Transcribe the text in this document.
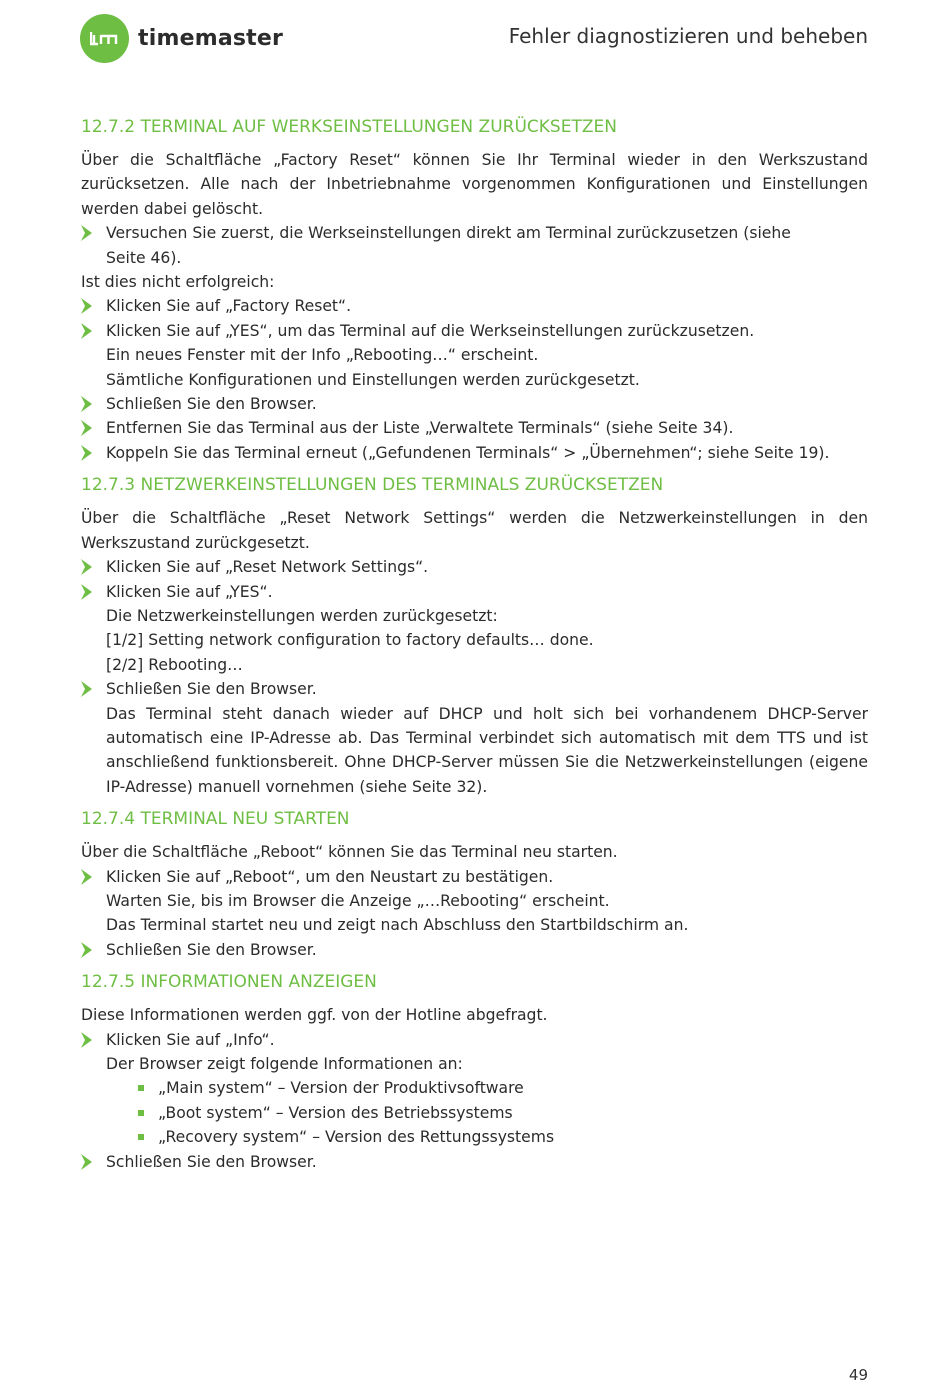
timemaster	Fehler diagnostizieren und beheben
12.7.2 TERMINAL AUF WERKSEINSTELLUNGEN ZURÜCKSETZEN

Über die Schaltfläche „Factory Reset“ können Sie Ihr Terminal wieder in den Werkszustand zurücksetzen. Alle nach der Inbetriebnahme vorgenommen Konfigurationen und Einstellungen werden dabei gelöscht.

Versuchen Sie zuerst, die Werkseinstellungen direkt am Terminal zurückzusetzen (siehe
Seite 46).

Ist dies nicht erfolgreich:

Klicken Sie auf „Factory Reset“.
Klicken Sie auf „YES“, um das Terminal auf die Werkseinstellungen zurückzusetzen.
Ein neues Fenster mit der Info „Rebooting…“ erscheint.
Sämtliche Konfigurationen und Einstellungen werden zurückgesetzt.
Schließen Sie den Browser.
Entfernen Sie das Terminal aus der Liste „Verwaltete Terminals“ (siehe Seite 34).
Koppeln Sie das Terminal erneut („Gefundenen Terminals“ > „Übernehmen“; siehe Seite 19).
12.7.3 NETZWERKEINSTELLUNGEN DES TERMINALS ZURÜCKSETZEN

Über die Schaltfläche „Reset Network Settings“ werden die Netzwerkeinstellungen in den Werkszustand zurückgesetzt.

Klicken Sie auf „Reset Network Settings“.
Klicken Sie auf „YES“.
Die Netzwerkeinstellungen werden zurückgesetzt:
[1/2] Setting network configuration to factory defaults… done.
[2/2] Rebooting…
Schließen Sie den Browser.
Das Terminal steht danach wieder auf DHCP und holt sich bei vorhandenem DHCP-Server automatisch eine IP-Adresse ab. Das Terminal verbindet sich automatisch mit dem TTS und ist anschließend funktionsbereit. Ohne DHCP-Server müssen Sie die Netzwerkeinstellungen (eigene IP-Adresse) manuell vornehmen (siehe Seite 32).
12.7.4 TERMINAL NEU STARTEN

Über die Schaltfläche „Reboot“ können Sie das Terminal neu starten.

Klicken Sie auf „Reboot“, um den Neustart zu bestätigen.
Warten Sie, bis im Browser die Anzeige „…Rebooting“ erscheint.
Das Terminal startet neu und zeigt nach Abschluss den Startbildschirm an.
Schließen Sie den Browser.
12.7.5 INFORMATIONEN ANZEIGEN

Diese Informationen werden ggf. von der Hotline abgefragt.

Klicken Sie auf „Info“.
Der Browser zeigt folgende Informationen an:
„Main system“ – Version der Produktivsoftware
„Boot system“ – Version des Betriebssystems
„Recovery system“ – Version des Rettungssystems
Schließen Sie den Browser.
49
